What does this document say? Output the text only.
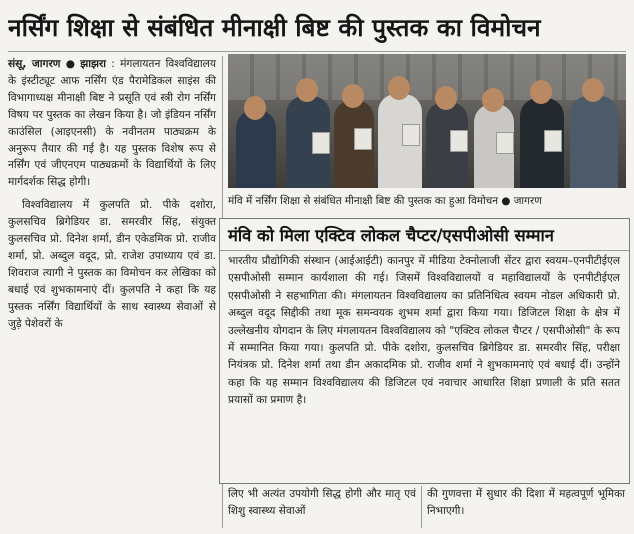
नर्सिंग शिक्षा से संबंधित मीनाक्षी बिष्ट की पुस्तक का विमोचन

संसू, जागरण ● झाझरा : मंगलायतन विश्वविद्यालय के इंस्टीट्यूट आफ नर्सिंग एंड पैरामेडिकल साइंस की विभागाध्यक्ष मीनाक्षी बिष्ट ने प्रसूति एवं स्त्री रोग नर्सिंग विषय पर पुस्तक का लेखन किया है। जो इंडियन नर्सिंग काउंसिल (आइएनसी) के नवीनतम पाठ्यक्रम के अनुरूप तैयार की गई है। यह पुस्तक विशेष रूप से नर्सिंग एवं जीएनएम पाठ्यक्रमों के विद्यार्थियों के लिए मार्गदर्शक सिद्ध होगी।

विश्वविद्यालय में कुलपति प्रो. पीके दशोरा, कुलसचिव ब्रिगेडियर डा. समरवीर सिंह, संयुक्त कुलसचिव प्रो. दिनेश शर्मा, डीन एकेडमिक प्रो. राजीव शर्मा, प्रो. अब्दुल वदूद, प्रो. राजेश उपाध्याय एवं डा. शिवराज त्यागी ने पुस्तक का विमोचन कर लेखिका को बधाई एवं शुभकामनाएं दीं। कुलपति ने कहा कि यह पुस्तक नर्सिंग विद्यार्थियों के साथ स्वास्थ्य सेवाओं से जुड़े पेशेवरों के

मंवि में नर्सिंग शिक्षा से संबंधित मीनाक्षी बिष्ट की पुस्तक का हुआ विमोचन ● जागरण
मंवि को मिला एक्टिव लोकल चैप्टर/एसपीओसी सम्मान
भारतीय प्रौद्योगिकी संस्थान (आईआईटी) कानपुर में मीडिया टेक्नोलाजी सेंटर द्वारा स्वयम–एनपीटीईएल एसपीओसी सम्मान कार्यशाला की गई। जिसमें विश्वविद्यालयों व महाविद्यालयों के एनपीटीईएल एसपीओसी ने सहभागिता की। मंगलायतन विश्वविद्यालय का प्रतिनिधित्व स्वयम नोडल अधिकारी प्रो. अब्दुल वदूद सिद्दीकी तथा मूक समन्वयक शुभम शर्मा द्वारा किया गया। डिजिटल शिक्षा के क्षेत्र में उल्लेखनीय योगदान के लिए मंगलायतन विश्वविद्यालय को "एक्टिव लोकल चैप्टर / एसपीओसी" के रूप में सम्मानित किया गया। कुलपति प्रो. पीके दशोरा, कुलसचिव ब्रिगेडियर डा. समरवीर सिंह, परीक्षा नियंत्रक प्रो. दिनेश शर्मा तथा डीन अकादमिक प्रो. राजीव शर्मा ने शुभकामनाएं एवं बधाई दीं। उन्होंने कहा कि यह सम्मान विश्वविद्यालय की डिजिटल एवं नवाचार आधारित शिक्षा प्रणाली के प्रति सतत प्रयासों का प्रमाण है।
लिए भी अत्यंत उपयोगी सिद्ध होगी और मातृ एवं शिशु स्वास्थ्य सेवाओं
की गुणवत्ता में सुधार की दिशा में महत्वपूर्ण भूमिका निभाएगी।
